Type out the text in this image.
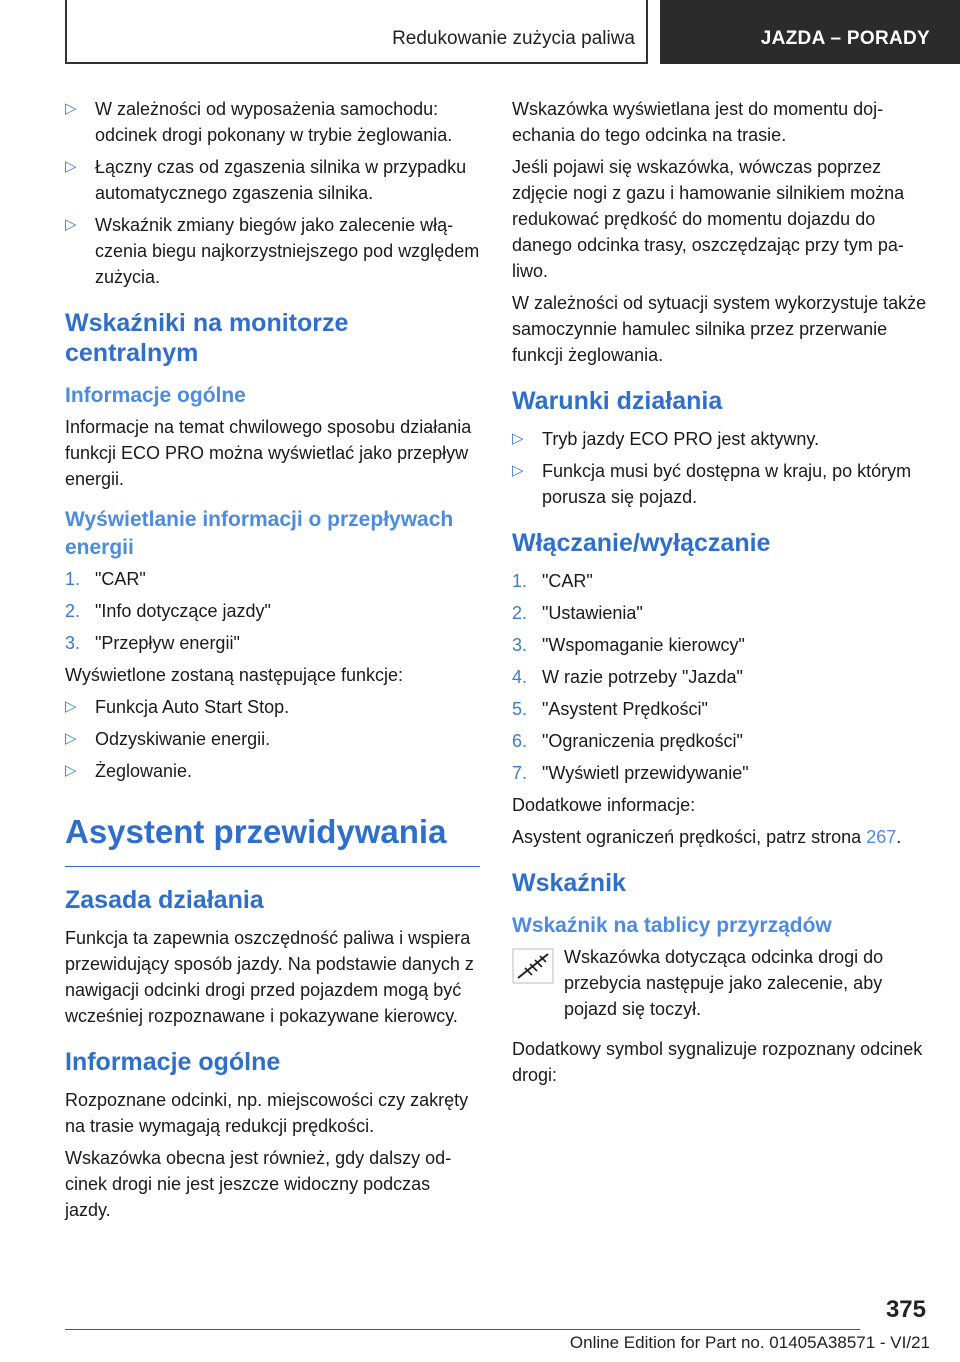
Redukowanie zużycia paliwa	JAZDA – PORADY
▷ W zależności od wyposażenia samochodu: odcinek drogi pokonany w trybie żeglowania.
▷ Łączny czas od zgaszenia silnika w przypadku automatycznego zgaszenia silnika.
▷ Wskaźnik zmiany biegów jako zalecenie włączenia biegu najkorzystniejszego pod względem zużycia.
Wskaźniki na monitorze centralnym
Informacje ogólne

Informacje na temat chwilowego sposobu działania funkcji ECO PRO można wyświetlać jako przepływ energii.

Wyświetlanie informacji o przepływach energii
1. "CAR"
2. "Info dotyczące jazdy"
3. "Przepływ energii"

Wyświetlone zostaną następujące funkcje:

▷ Funkcja Auto Start Stop.
▷ Odzyskiwanie energii.
▷ Żeglowanie.
Asystent przewidywania
Zasada działania

Funkcja ta zapewnia oszczędność paliwa i wspiera przewidujący sposób jazdy. Na podstawie danych z nawigacji odcinki drogi przed pojazdem mogą być wcześniej rozpoznawane i pokazywane kierowcy.

Informacje ogólne

Rozpoznane odcinki, np. miejscowości czy zakręty na trasie wymagają redukcji prędkości.

Wskazówka obecna jest również, gdy dalszy odcinek drogi nie jest jeszcze widoczny podczas jazdy.

Wskazówka wyświetlana jest do momentu dojechania do tego odcinka na trasie.

Jeśli pojawi się wskazówka, wówczas poprzez zdjęcie nogi z gazu i hamowanie silnikiem można redukować prędkość do momentu dojazdu do danego odcinka trasy, oszczędzając przy tym paliwo.

W zależności od sytuacji system wykorzystuje także samoczynnie hamulec silnika przez przerwanie funkcji żeglowania.

Warunki działania
▷ Tryb jazdy ECO PRO jest aktywny.
▷ Funkcja musi być dostępna w kraju, po którym porusza się pojazd.
Włączanie/wyłączanie
1. "CAR"
2. "Ustawienia"
3. "Wspomaganie kierowcy"
4. W razie potrzeby "Jazda"
5. "Asystent Prędkości"
6. "Ograniczenia prędkości"
7. "Wyświetl przewidywanie"

Dodatkowe informacje:

Asystent ograniczeń prędkości, patrz strona 267.

Wskaźnik
Wskaźnik na tablicy przyrządów
Wskazówka dotycząca odcinka drogi do przebycia następuje jako zalecenie, aby pojazd się toczył.

Dodatkowy symbol sygnalizuje rozpoznany odcinek drogi:

375
Online Edition for Part no. 01405A38571 - VI/21
